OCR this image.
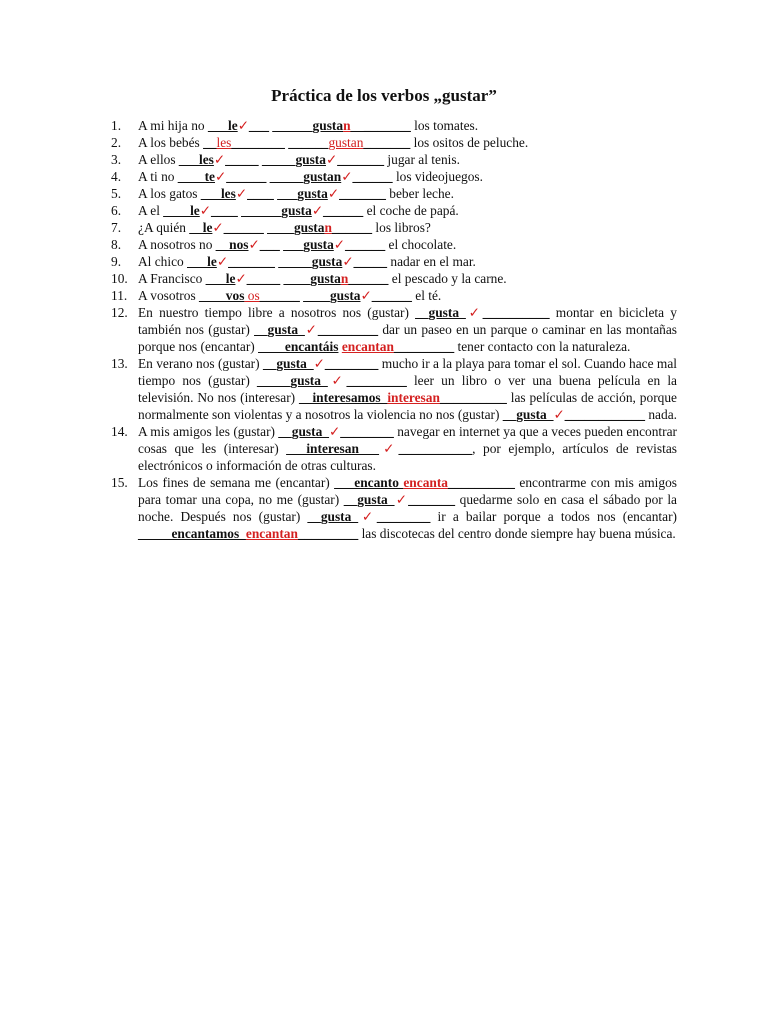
Práctica de los verbos „gustar”
1. A mi hija no ___le✓___ ______gustan_________ los tomates.
2. A los bebés __les________ ______gustan_______ los ositos de peluche.
3. A ellos ___les✓_____ _____gusta✓_______ jugar al tenis.
4. A ti no ____te✓______ _____gustan✓______ los videojuegos.
5. A los gatos ___les✓____ ___gusta✓_______ beber leche.
6. A el ____le✓____ ______gusta✓______ el coche de papá.
7. ¿A quién __le✓______ ____gustan______ los libros?
8. A nosotros no __nos✓___ ___gusta✓______ el chocolate.
9. Al chico ___le✓_______ _____gusta✓_____ nadar en el mar.
10. A Francisco ___le✓_____ ____gustan______ el pescado y la carne.
11. A vosotros ____vos os______ ____gusta✓______ el té.
12. En nuestro tiempo libre a nosotros nos (gustar) __gusta_✓__________ montar en bicicleta y también nos (gustar) __gusta_✓_________ dar un paseo en un parque o caminar en las montañas porque nos (encantar) ____encantáis encantan_________ tener contacto con la naturaleza.
13. En verano nos (gustar) __gusta_✓________ mucho ir a la playa para tomar el sol. Cuando hace mal tiempo nos (gustar) _____gusta_✓_________ leer un libro o ver una buena película en la televisión. No nos (interesar) __interesamos_interesan__________ las películas de acción, porque normalmente son violentas y a nosotros la violencia no nos (gustar) __gusta_✓____________ nada.
14. A mis amigos les (gustar) __gusta_✓________ navegar en internet ya que a veces pueden encontrar cosas que les (interesar) ___interesan___✓___________, por ejemplo, artículos de revistas electrónicos o información de otras culturas.
15. Los fines de semana me (encantar) ___encanto encanta__________ encontrarme con mis amigos para tomar una copa, no me (gustar) __gusta_✓_______ quedarme solo en casa el sábado por la noche. Después nos (gustar) __gusta_✓________ ir a bailar porque a todos nos (encantar) _____encantamos_encantan_________ las discotecas del centro donde siempre hay buena música.
